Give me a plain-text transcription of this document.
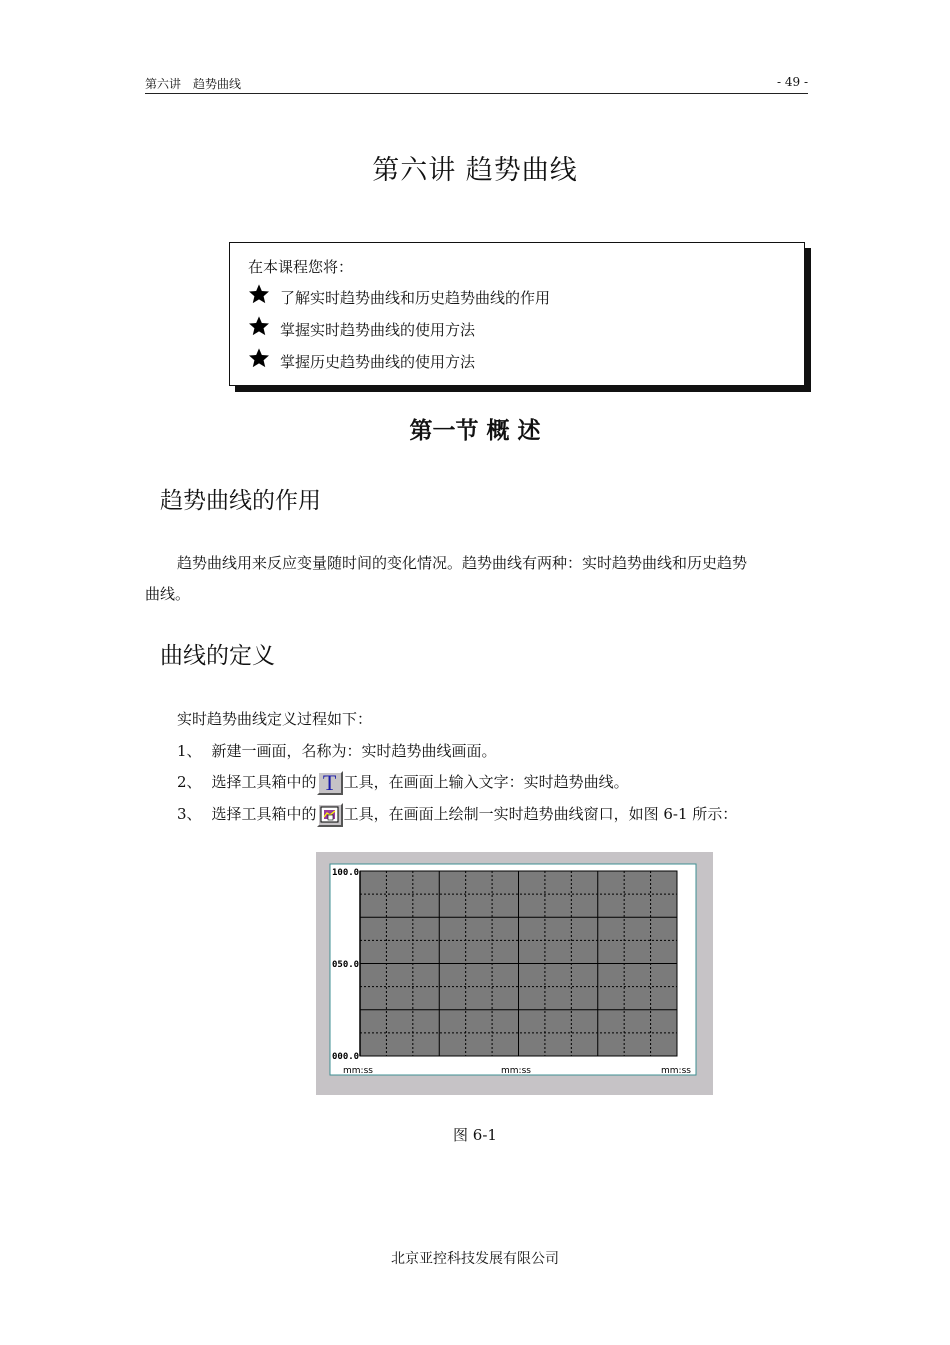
第六讲　趋势曲线	- 49 -
第六讲 趋势曲线
在本课程您将：
了解实时趋势曲线和历史趋势曲线的作用
掌握实时趋势曲线的使用方法
掌握历史趋势曲线的使用方法
第一节 概 述
趋势曲线的作用
趋势曲线用来反应变量随时间的变化情况。趋势曲线有两种：实时趋势曲线和历史趋势
曲线。
曲线的定义
实时趋势曲线定义过程如下：
1、 新建一画面，名称为：实时趋势曲线画面。
2、 选择工具箱中的 T 工具，在画面上输入文字：实时趋势曲线。
3、 选择工具箱中的 工具，在画面上绘制一实时趋势曲线窗口，如图 6-1 所示：
100.0
050.0
000.0
mm:ss	mm:ss	mm:ss
图 6-1
北京亚控科技发展有限公司
